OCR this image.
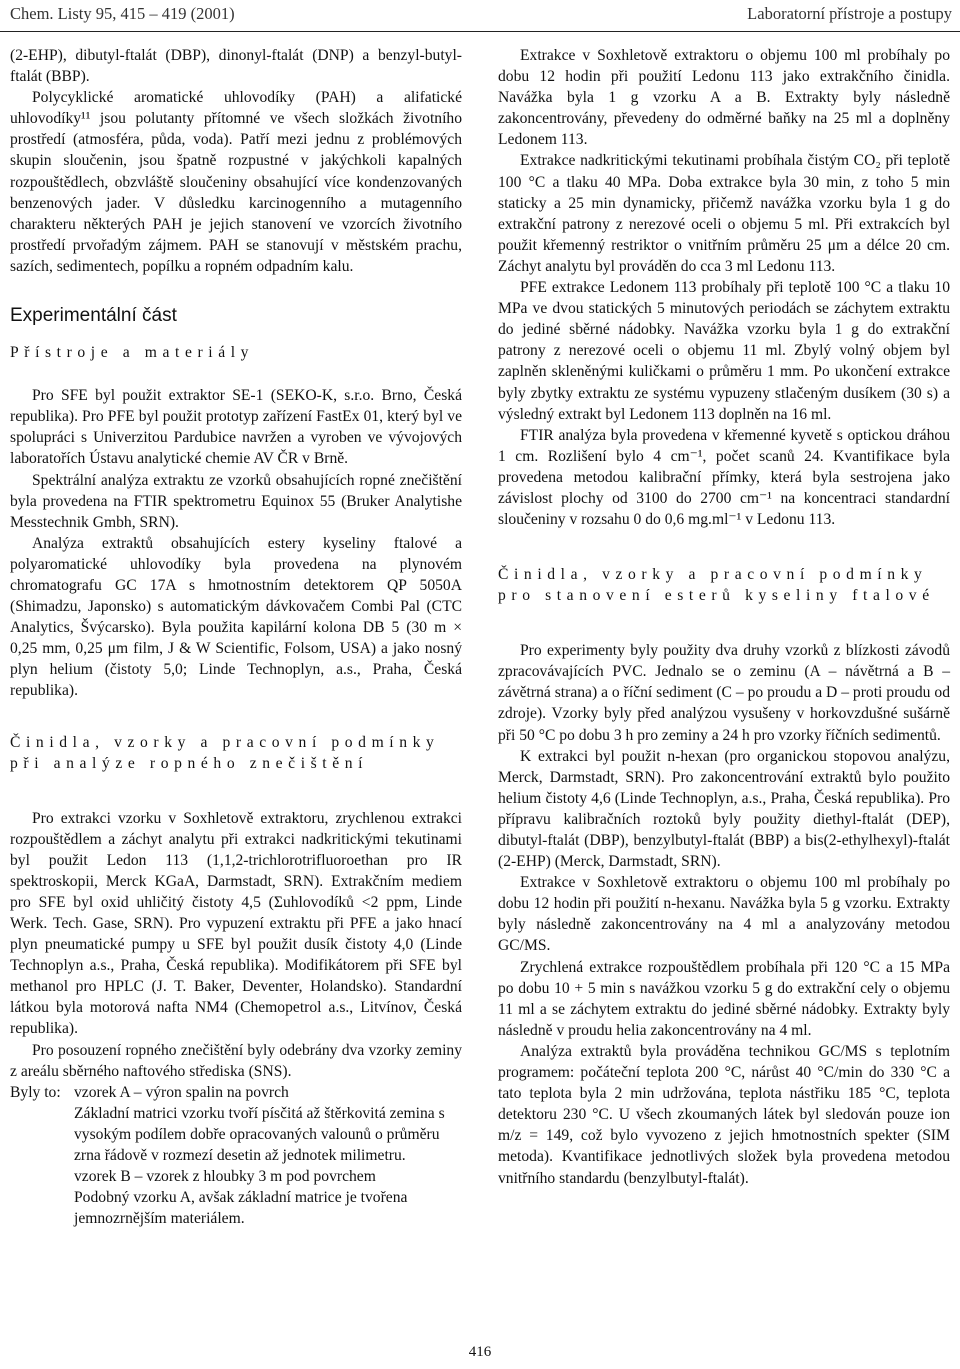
Chem. Listy 95, 415 – 419 (2001)	Laboratorní přístroje a postupy

(2-EHP), dibutyl-ftalát (DBP), dinonyl-ftalát (DNP) a benzyl-butyl-ftalát (BBP).

Polycyklické aromatické uhlovodíky (PAH) a alifatické uhlovodíky¹¹ jsou polutanty přítomné ve všech složkách životního prostředí (atmosféra, půda, voda). Patří mezi jednu z problémových skupin sloučenin, jsou špatně rozpustné v jakýchkoli kapalných rozpouštědlech, obzvláště sloučeniny obsahující více kondenzovaných benzenových jader. V důsledku karcinogenního a mutagenního charakteru některých PAH je jejich stanovení ve vzorcích životního prostředí prvořadým zájmem. PAH se stanovují v městském prachu, sazích, sedimentech, popílku a ropném odpadním kalu.

Experimentální část
Přístroje a materiály

Pro SFE byl použit extraktor SE-1 (SEKO-K, s.r.o. Brno, Česká republika). Pro PFE byl použit prototyp zařízení FastEx 01, který byl ve spolupráci s Univerzitou Pardubice navržen a vyroben ve vývojových laboratořích Ústavu analytické chemie AV ČR v Brně.

Spektrální analýza extraktu ze vzorků obsahujících ropné znečištění byla provedena na FTIR spektrometru Equinox 55 (Bruker Analytishe Messtechnik Gmbh, SRN).

Analýza extraktů obsahujících estery kyseliny ftalové a polyaromatické uhlovodíky byla provedena na plynovém chromatografu GC 17A s hmotnostním detektorem QP 5050A (Shimadzu, Japonsko) s automatickým dávkovačem Combi Pal (CTC Analytics, Švýcarsko). Byla použita kapilární kolona DB 5 (30 m × 0,25 mm, 0,25 μm film, J & W Scientific, Folsom, USA) a jako nosný plyn helium (čistoty 5,0; Linde Technoplyn, a.s., Praha, Česká republika).

Činidla, vzorky a pracovní podmínky
při analýze ropného znečištění

Pro extrakci vzorku v Soxhletově extraktoru, zrychlenou extrakci rozpouštědlem a záchyt analytu při extrakci nadkritickými tekutinami byl použit Ledon 113 (1,1,2-trichlorotrifluoroethan pro IR spektroskopii, Merck KGaA, Darmstadt, SRN). Extrakčním mediem pro SFE byl oxid uhličitý čistoty 4,5 (Σuhlovodíků <2 ppm, Linde Werk. Tech. Gase, SRN). Pro vypuzení extraktu při PFE a jako hnací plyn pneumatické pumpy u SFE byl použit dusík čistoty 4,0 (Linde Technoplyn a.s., Praha, Česká republika). Modifikátorem při SFE byl methanol pro HPLC (J. T. Baker, Deventer, Holandsko). Standardní látkou byla motorová nafta NM4 (Chemopetrol a.s., Litvínov, Česká republika).

Pro posouzení ropného znečištění byly odebrány dva vzorky zeminy z areálu sběrného naftového střediska (SNS).

Byly to: vzorek A – výron spalin na povrch

Základní matrici vzorku tvoří písčitá až štěrkovitá zemina s vysokým podílem dobře opracovaných valounů o průměru zrna řádově v rozmezí desetin až jednotek milimetru.

vzorek B – vzorek z hloubky 3 m pod povrchem

Podobný vzorku A, avšak základní matrice je tvořena jemnozrnějším materiálem.

Extrakce v Soxhletově extraktoru o objemu 100 ml probíhaly po dobu 12 hodin při použití Ledonu 113 jako extrakčního činidla. Navážka byla 1 g vzorku A a B. Extrakty byly následně zakoncentrovány, převedeny do odměrné baňky na 25 ml a doplněny Ledonem 113.

Extrakce nadkritickými tekutinami probíhala čistým CO₂ při teplotě 100 °C a tlaku 40 MPa. Doba extrakce byla 30 min, z toho 5 min staticky a 25 min dynamicky, přičemž navážka vzorku byla 1 g do extrakční patrony z nerezové oceli o objemu 5 ml. Při extrakcích byl použit křemenný restriktor o vnitřním průměru 25 μm a délce 20 cm. Záchyt analytu byl prováděn do cca 3 ml Ledonu 113.

PFE extrakce Ledonem 113 probíhaly při teplotě 100 °C a tlaku 10 MPa ve dvou statických 5 minutových periodách se záchytem extraktu do jediné sběrné nádobky. Navážka vzorku byla 1 g do extrakční patrony z nerezové oceli o objemu 11 ml. Zbylý volný objem byl zaplněn skleněnými kuličkami o průměru 1 mm. Po ukončení extrakce byly zbytky extraktu ze systému vypuzeny stlačeným dusíkem (30 s) a výsledný extrakt byl Ledonem 113 doplněn na 16 ml.

FTIR analýza byla provedena v křemenné kyvetě s optickou dráhou 1 cm. Rozlišení bylo 4 cm⁻¹, počet scanů 24. Kvantifikace byla provedena metodou kalibrační přímky, která byla sestrojena jako závislost plochy od 3100 do 2700 cm⁻¹ na koncentraci standardní sloučeniny v rozsahu 0 do 0,6 mg.ml⁻¹ v Ledonu 113.

Činidla, vzorky a pracovní podmínky
pro stanovení esterů kyseliny ftalové

Pro experimenty byly použity dva druhy vzorků z blízkosti závodů zpracovávajících PVC. Jednalo se o zeminu (A – návětrná a B – závětrná strana) a o říční sediment (C – po proudu a D – proti proudu od zdroje). Vzorky byly před analýzou vysušeny v horkovzdušné sušárně při 50 °C po dobu 3 h pro zeminy a 24 h pro vzorky říčních sedimentů.

K extrakci byl použit n-hexan (pro organickou stopovou analýzu, Merck, Darmstadt, SRN). Pro zakoncentrování extraktů bylo použito helium čistoty 4,6 (Linde Technoplyn, a.s., Praha, Česká republika). Pro přípravu kalibračních roztoků byly použity diethyl-ftalát (DEP), dibutyl-ftalát (DBP), benzylbutyl-ftalát (BBP) a bis(2-ethylhexyl)-ftalát (2-EHP) (Merck, Darmstadt, SRN).

Extrakce v Soxhletově extraktoru o objemu 100 ml probíhaly po dobu 12 hodin při použití n-hexanu. Navážka byla 5 g vzorku. Extrakty byly následně zakoncentrovány na 4 ml a analyzovány metodou GC/MS.

Zrychlená extrakce rozpouštědlem probíhala při 120 °C a 15 MPa po dobu 10 + 5 min s navážkou vzorku 5 g do extrakční cely o objemu 11 ml a se záchytem extraktu do jediné sběrné nádobky. Extrakty byly následně v proudu helia zakoncentrovány na 4 ml.

Analýza extraktů byla prováděna technikou GC/MS s teplotním programem: počáteční teplota 200 °C, nárůst 40 °C/min do 330 °C a tato teplota byla 2 min udržována, teplota nástřiku 185 °C, teplota detektoru 230 °C. U všech zkoumaných látek byl sledován pouze ion m/z = 149, což bylo vyvozeno z jejich hmotnostních spekter (SIM metoda). Kvantifikace jednotlivých složek byla provedena metodou vnitřního standardu (benzylbutyl-ftalát).

416
